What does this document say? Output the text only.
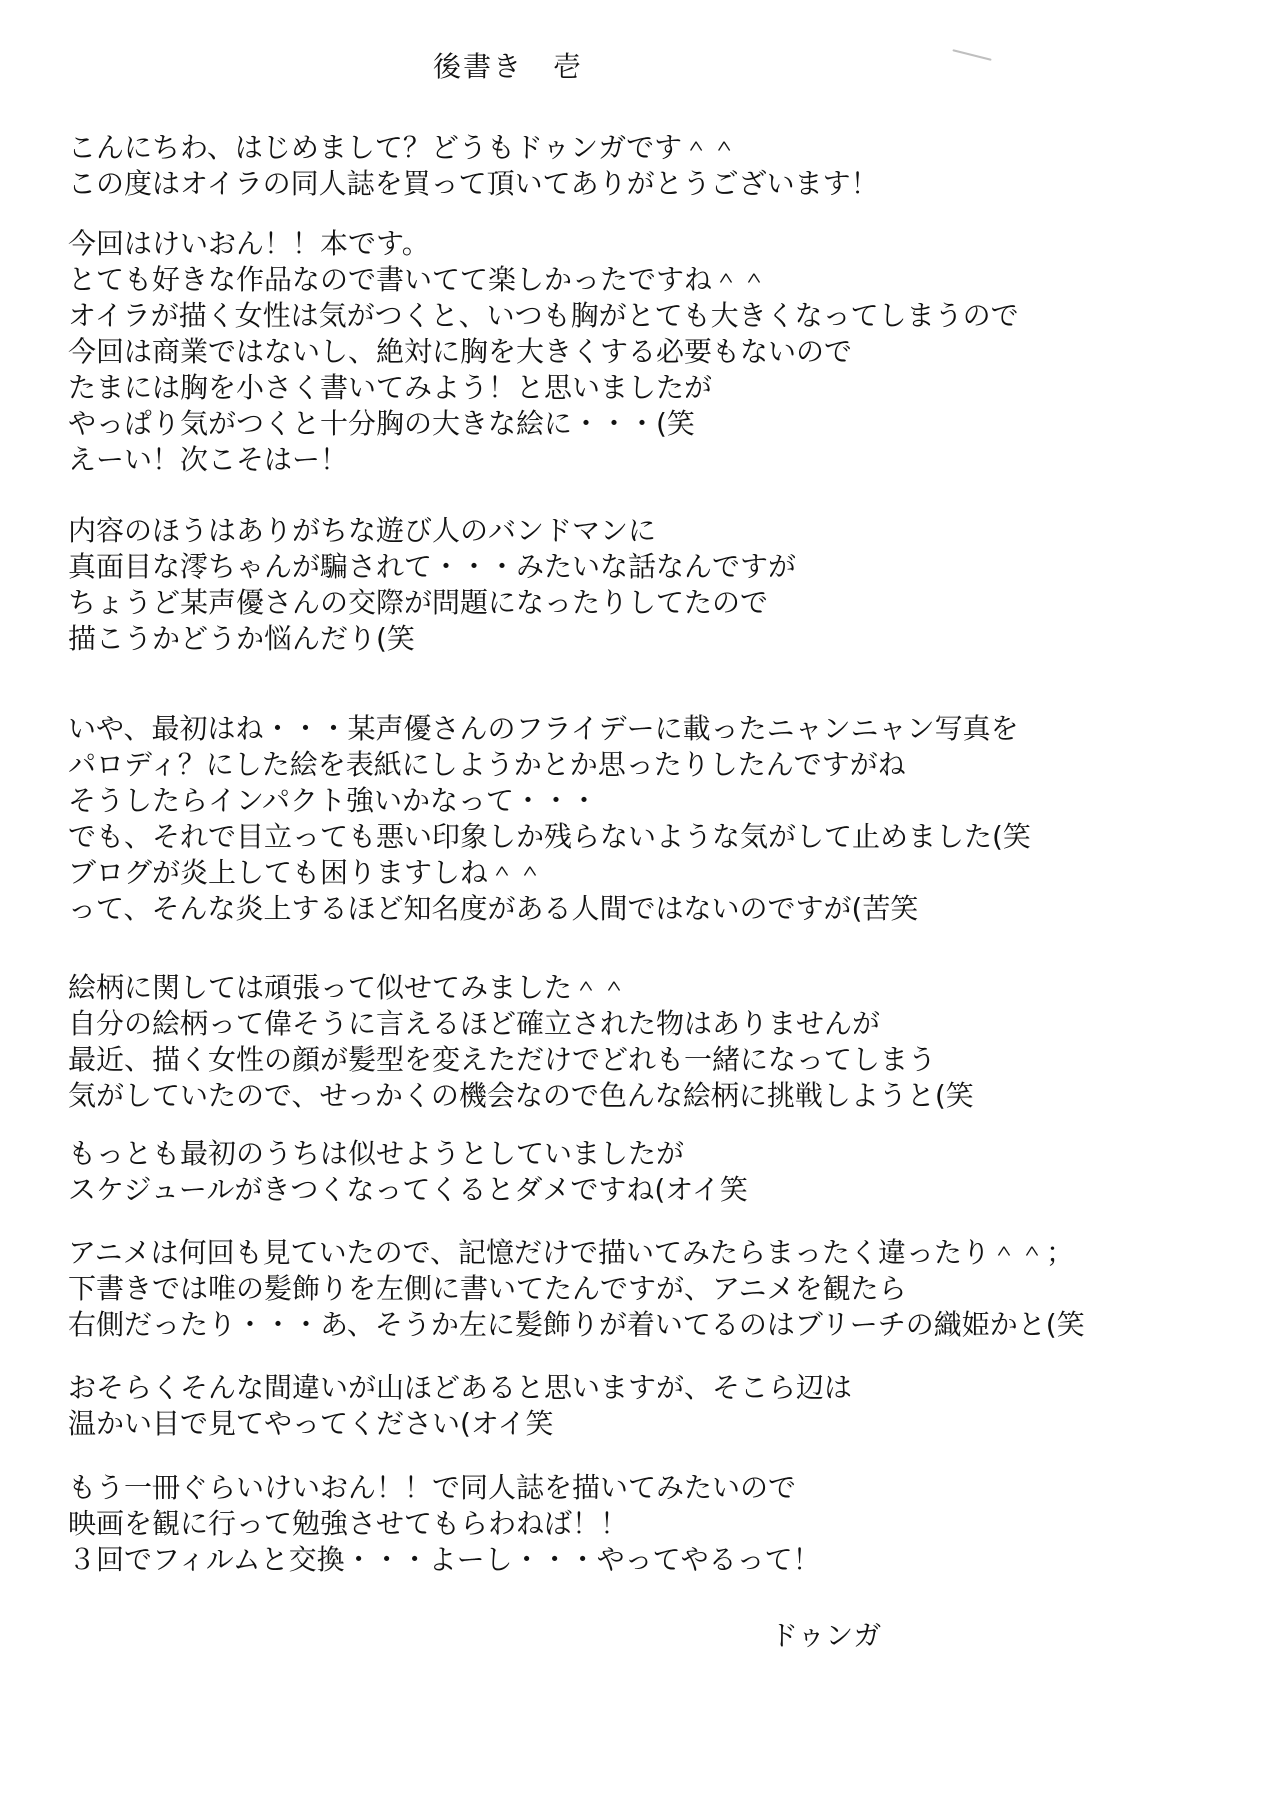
後書き　壱
こんにちわ、はじめまして？どうもドゥンガです＾＾
この度はオイラの同人誌を買って頂いてありがとうございます！
今回はけいおん！！本です。
とても好きな作品なので書いてて楽しかったですね＾＾
オイラが描く女性は気がつくと、いつも胸がとても大きくなってしまうので
今回は商業ではないし、絶対に胸を大きくする必要もないので
たまには胸を小さく書いてみよう！と思いましたが
やっぱり気がつくと十分胸の大きな絵に・・・(笑
えーい！次こそはー！
内容のほうはありがちな遊び人のバンドマンに
真面目な澪ちゃんが騙されて・・・みたいな話なんですが
ちょうど某声優さんの交際が問題になったりしてたので
描こうかどうか悩んだり(笑
いや、最初はね・・・某声優さんのフライデーに載ったニャンニャン写真を
パロディ？にした絵を表紙にしようかとか思ったりしたんですがね
そうしたらインパクト強いかなって・・・
でも、それで目立っても悪い印象しか残らないような気がして止めました(笑
ブログが炎上しても困りますしね＾＾
って、そんな炎上するほど知名度がある人間ではないのですが(苦笑
絵柄に関しては頑張って似せてみました＾＾
自分の絵柄って偉そうに言えるほど確立された物はありませんが
最近、描く女性の顔が髪型を変えただけでどれも一緒になってしまう
気がしていたので、せっかくの機会なので色んな絵柄に挑戦しようと(笑
もっとも最初のうちは似せようとしていましたが
スケジュールがきつくなってくるとダメですね(オイ笑
アニメは何回も見ていたので、記憶だけで描いてみたらまったく違ったり＾＾；
下書きでは唯の髪飾りを左側に書いてたんですが、アニメを観たら
右側だったり・・・あ、そうか左に髪飾りが着いてるのはブリーチの織姫かと(笑
おそらくそんな間違いが山ほどあると思いますが、そこら辺は
温かい目で見てやってください(オイ笑
もう一冊ぐらいけいおん！！で同人誌を描いてみたいので
映画を観に行って勉強させてもらわねば！！
３回でフィルムと交換・・・よーし・・・やってやるって！
ドゥンガ
